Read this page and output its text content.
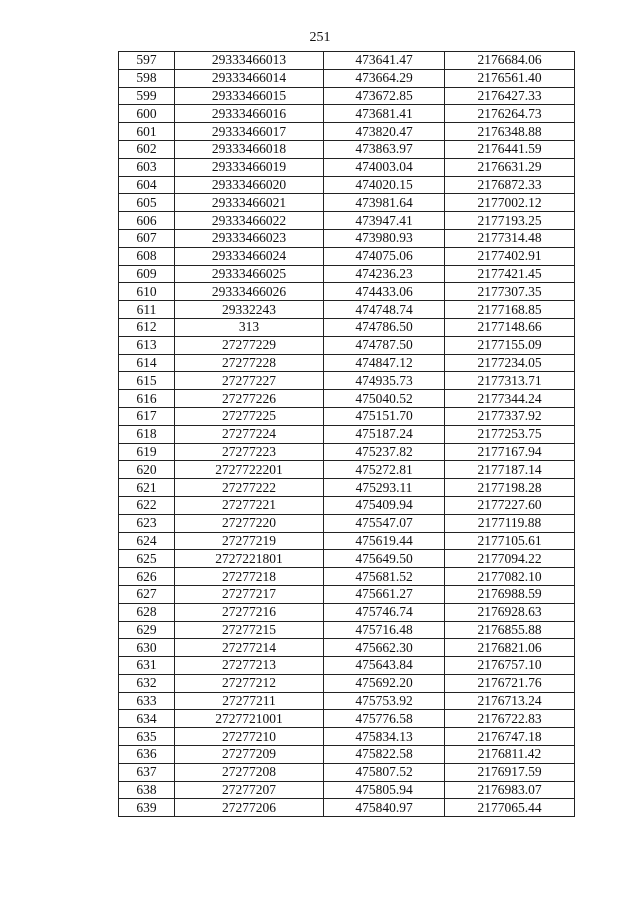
251
597	29333466013	473641.47	2176684.06
598	29333466014	473664.29	2176561.40
599	29333466015	473672.85	2176427.33
600	29333466016	473681.41	2176264.73
601	29333466017	473820.47	2176348.88
602	29333466018	473863.97	2176441.59
603	29333466019	474003.04	2176631.29
604	29333466020	474020.15	2176872.33
605	29333466021	473981.64	2177002.12
606	29333466022	473947.41	2177193.25
607	29333466023	473980.93	2177314.48
608	29333466024	474075.06	2177402.91
609	29333466025	474236.23	2177421.45
610	29333466026	474433.06	2177307.35
611	29332243	474748.74	2177168.85
612	313	474786.50	2177148.66
613	27277229	474787.50	2177155.09
614	27277228	474847.12	2177234.05
615	27277227	474935.73	2177313.71
616	27277226	475040.52	2177344.24
617	27277225	475151.70	2177337.92
618	27277224	475187.24	2177253.75
619	27277223	475237.82	2177167.94
620	2727722201	475272.81	2177187.14
621	27277222	475293.11	2177198.28
622	27277221	475409.94	2177227.60
623	27277220	475547.07	2177119.88
624	27277219	475619.44	2177105.61
625	2727221801	475649.50	2177094.22
626	27277218	475681.52	2177082.10
627	27277217	475661.27	2176988.59
628	27277216	475746.74	2176928.63
629	27277215	475716.48	2176855.88
630	27277214	475662.30	2176821.06
631	27277213	475643.84	2176757.10
632	27277212	475692.20	2176721.76
633	27277211	475753.92	2176713.24
634	2727721001	475776.58	2176722.83
635	27277210	475834.13	2176747.18
636	27277209	475822.58	2176811.42
637	27277208	475807.52	2176917.59
638	27277207	475805.94	2176983.07
639	27277206	475840.97	2177065.44
